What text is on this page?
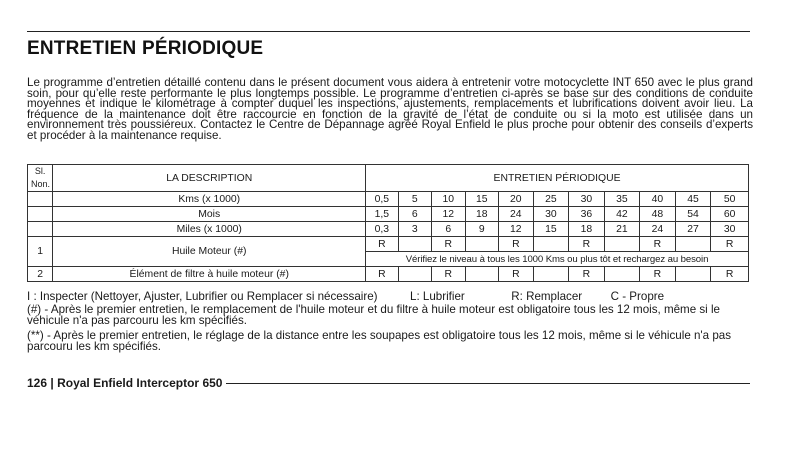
ENTRETIEN PÉRIODIQUE

Le programme d’entretien détaillé contenu dans le présent document vous aidera à entretenir votre motocyclette INT 650 avec le plus grand soin, pour qu’elle reste performante le plus longtemps possible. Le programme d’entretien ci-après se base sur des conditions de conduite moyennes et indique le kilométrage à compter duquel les inspections, ajustements, remplacements et lubrifications doivent avoir lieu. La fréquence de la maintenance doit être raccourcie en fonction de la gravité de l’état de conduite ou si la moto est utilisée dans un environnement très poussiéreux. Contactez le Centre de Dépannage agréé Royal Enfield le plus proche pour obtenir des conseils d’experts et procéder à la maintenance requise.

Sl.
Non.	LA DESCRIPTION	ENTRETIEN PÉRIODIQUE										
	Kms (x 1000)	0,5	5	10	15	20	25	30	35	40	45	50
	Mois	1,5	6	12	18	24	30	36	42	48	54	60
	Miles (x 1000)	0,3	3	6	9	12	15	18	21	24	27	30
1	Huile Moteur (#)	R		R		R		R		R		R
		Vérifiez le niveau à tous les 1000 Kms ou plus tôt et rechargez au besoin										
2	Élément de filtre à huile moteur (#)	R		R		R		R		R		R
I : Inspecter (Nettoyer, Ajuster, Lubrifier ou Remplacer si nécessaire)	L: Lubrifier	R: Remplacer C - Propre

(#) - Après le premier entretien, le remplacement de l'huile moteur et du filtre à huile moteur est obligatoire tous les 12 mois, même si le véhicule n'a pas parcouru les km spécifiés.

(**) - Après le premier entretien, le réglage de la distance entre les soupapes est obligatoire tous les 12 mois, même si le véhicule n'a pas parcouru les km spécifiés.

126 | Royal Enfield Interceptor 650
